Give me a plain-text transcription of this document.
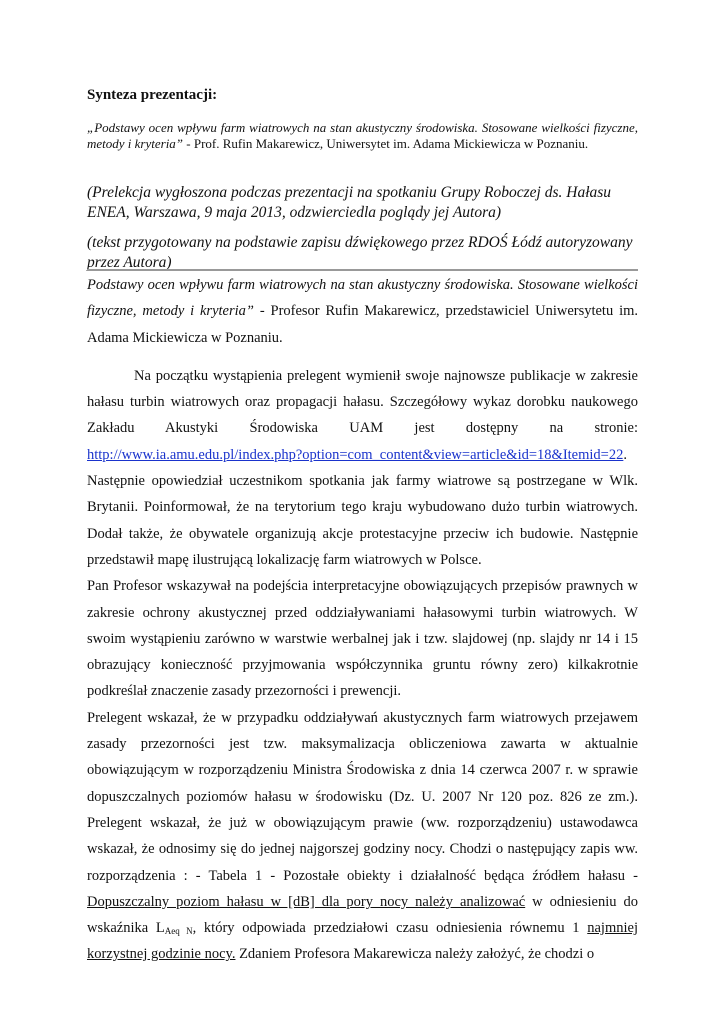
Synteza prezentacji:
„Podstawy ocen wpływu farm wiatrowych na stan akustyczny środowiska. Stosowane wielkości fizyczne, metody i kryteria” - Prof. Rufin Makarewicz, Uniwersytet im. Adama Mickiewicza w Poznaniu.
(Prelekcja wygłoszona podczas prezentacji na spotkaniu Grupy Roboczej ds. Hałasu ENEA, Warszawa, 9 maja 2013, odzwierciedla poglądy jej Autora)
(tekst przygotowany na podstawie zapisu dźwiękowego przez RDOŚ Łódź autoryzowany przez Autora)

Podstawy ocen wpływu farm wiatrowych na stan akustyczny środowiska. Stosowane wielkości fizyczne, metody i kryteria” - Profesor Rufin Makarewicz, przedstawiciel Uniwersytetu im. Adama Mickiewicza w Poznaniu.

Na początku wystąpienia prelegent wymienił swoje najnowsze publikacje w zakresie hałasu turbin wiatrowych oraz propagacji hałasu. Szczegółowy wykaz dorobku naukowego Zakładu Akustyki Środowiska UAM jest dostępny na stronie: http://www.ia.amu.edu.pl/index.php?option=com_content&view=article&id=18&Itemid=22. Następnie opowiedział uczestnikom spotkania jak farmy wiatrowe są postrzegane w Wlk. Brytanii. Poinformował, że na terytorium tego kraju wybudowano dużo turbin wiatrowych. Dodał także, że obywatele organizują akcje protestacyjne przeciw ich budowie. Następnie przedstawił mapę ilustrującą lokalizację farm wiatrowych w Polsce.

Pan Profesor wskazywał na podejścia interpretacyjne obowiązujących przepisów prawnych w zakresie ochrony akustycznej przed oddziaływaniami hałasowymi turbin wiatrowych. W swoim wystąpieniu zarówno w warstwie werbalnej jak i tzw. slajdowej (np. slajdy nr 14 i 15 obrazujący konieczność przyjmowania współczynnika gruntu równy zero) kilkakrotnie podkreślał znaczenie zasady przezorności i prewencji.

Prelegent wskazał, że w przypadku oddziaływań akustycznych farm wiatrowych przejawem zasady przezorności jest tzw. maksymalizacja obliczeniowa zawarta w aktualnie obowiązującym w rozporządzeniu Ministra Środowiska z dnia 14 czerwca 2007 r. w sprawie dopuszczalnych poziomów hałasu w środowisku (Dz. U. 2007 Nr 120 poz. 826 ze zm.). Prelegent wskazał, że już w obowiązującym prawie (ww. rozporządzeniu) ustawodawca wskazał, że odnosimy się do jednej najgorszej godziny nocy. Chodzi o następujący zapis ww. rozporządzenia : - Tabela 1 - Pozostałe obiekty i działalność będąca źródłem hałasu - Dopuszczalny poziom hałasu w [dB] dla pory nocy należy analizować w odniesieniu do wskaźnika $L_{Aeq N}$, który odpowiada przedziałowi czasu odniesienia równemu 1 najmniej korzystnej godzinie nocy. Zdaniem Profesora Makarewicza należy założyć, że chodzi o
